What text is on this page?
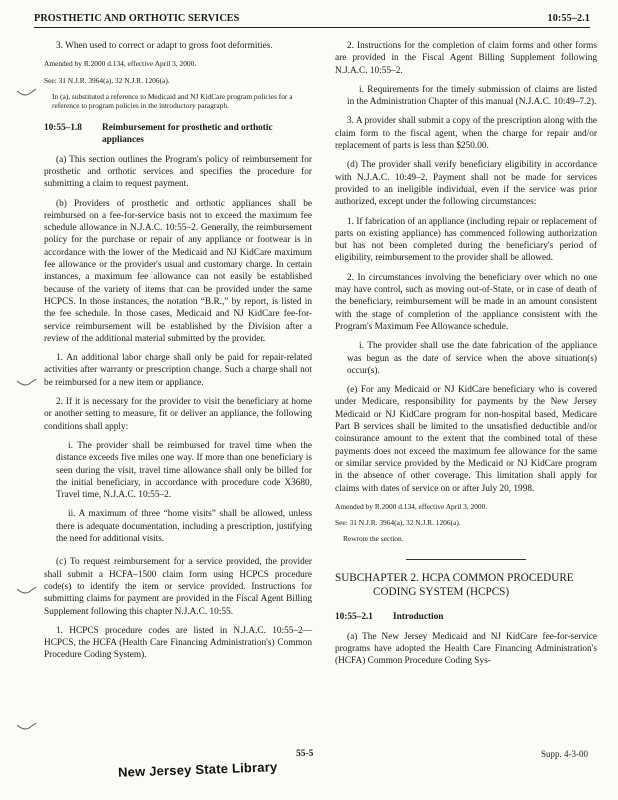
PROSTHETIC AND ORTHOTIC SERVICES	10:55–2.1

3. When used to correct or adapt to gross foot deformities.

Amended by R.2000 d.134, effective April 3, 2000.

See: 31 N.J.R. 3964(a), 32 N.J.R. 1206(a).

In (a), substituted a reference to Medicaid and NJ KidCare program policies for a reference to program policies in the introductory paragraph.

10:55–1.8 Reimbursement for prosthetic and orthotic appliances

(a) This section outlines the Program's policy of reimbursement for prosthetic and orthotic services and specifies the procedure for submitting a claim to request payment.

(b) Providers of prosthetic and orthotic appliances shall be reimbursed on a fee-for-service basis not to exceed the maximum fee schedule allowance in N.J.A.C. 10:55–2. Generally, the reimbursement policy for the purchase or repair of any appliance or footwear is in accordance with the lower of the Medicaid and NJ KidCare maximum fee allowance or the provider's usual and customary charge. In certain instances, a maximum fee allowance can not easily be established because of the variety of items that can be provided under the same HCPCS. In those instances, the notation “B.R.,” by report, is listed in the fee schedule. In those cases, Medicaid and NJ KidCare fee-for-service reimbursement will be established by the Division after a review of the additional material submitted by the provider.

1. An additional labor charge shall only be paid for repair-related activities after warranty or prescription change. Such a charge shall not be reimbursed for a new item or appliance.

2. If it is necessary for the provider to visit the beneficiary at home or another setting to measure, fit or deliver an appliance, the following conditions shall apply:

i. The provider shall be reimbursed for travel time when the distance exceeds five miles one way. If more than one beneficiary is seen during the visit, travel time allowance shall only be billed for the initial beneficiary, in accordance with procedure code X3680, Travel time, N.J.A.C. 10:55–2.

ii. A maximum of three “home visits” shall be allowed, unless there is adequate documentation, including a prescription, justifying the need for additional visits.

(c) To request reimbursement for a service provided, the provider shall submit a HCFA–1500 claim form using HCPCS procedure code(s) to identify the item or service provided. Instructions for submitting claims for payment are provided in the Fiscal Agent Billing Supplement following this chapter N.J.A.C. 10:55.

1. HCPCS procedure codes are listed in N.J.A.C. 10:55–2—HCPCS, the HCFA (Health Care Financing Administration's) Common Procedure Coding System).

2. Instructions for the completion of claim forms and other forms are provided in the Fiscal Agent Billing Supplement following N.J.A.C. 10:55–2.

i. Requirements for the timely submission of claims are listed in the Administration Chapter of this manual (N.J.A.C. 10:49–7.2).

3. A provider shall submit a copy of the prescription along with the claim form to the fiscal agent, when the charge for repair and/or replacement of parts is less than $250.00.

(d) The provider shall verify beneficiary eligibility in accordance with N.J.A.C. 10:49–2. Payment shall not be made for services provided to an ineligible individual, even if the service was prior authorized, except under the following circumstances:

1. If fabrication of an appliance (including repair or replacement of parts on existing appliance) has commenced following authorization but has not been completed during the beneficiary's period of eligibility, reimbursement to the provider shall be allowed.

2. In circumstances involving the beneficiary over which no one may have control, such as moving out-of-State, or in case of death of the beneficiary, reimbursement will be made in an amount consistent with the stage of completion of the appliance consistent with the Program's Maximum Fee Allowance schedule.

i. The provider shall use the date fabrication of the appliance was begun as the date of service when the above situation(s) occur(s).

(e) For any Medicaid or NJ KidCare beneficiary who is covered under Medicare, responsibility for payments by the New Jersey Medicaid or NJ KidCare program for non-hospital based, Medicare Part B services shall be limited to the unsatisfied deductible and/or coinsurance amount to the extent that the combined total of these payments does not exceed the maximum fee allowance for the same or similar service provided by the Medicaid or NJ KidCare program in the absence of other coverage. This limitation shall apply for claims with dates of service on or after July 20, 1998.

Amended by R.2000 d.134, effective April 3, 2000.

See: 31 N.J.R. 3964(a), 32 N.J.R. 1206(a).

Rewrote the section.

SUBCHAPTER 2. HCPA COMMON PROCEDURE
CODING SYSTEM (HCPCS)
10:55–2.1 Introduction

(a) The New Jersey Medicaid and NJ KidCare fee-for-service programs have adopted the Health Care Financing Administration's (HCFA) Common Procedure Coding Sys-

55-5	Supp. 4-3-00
New Jersey State Library
